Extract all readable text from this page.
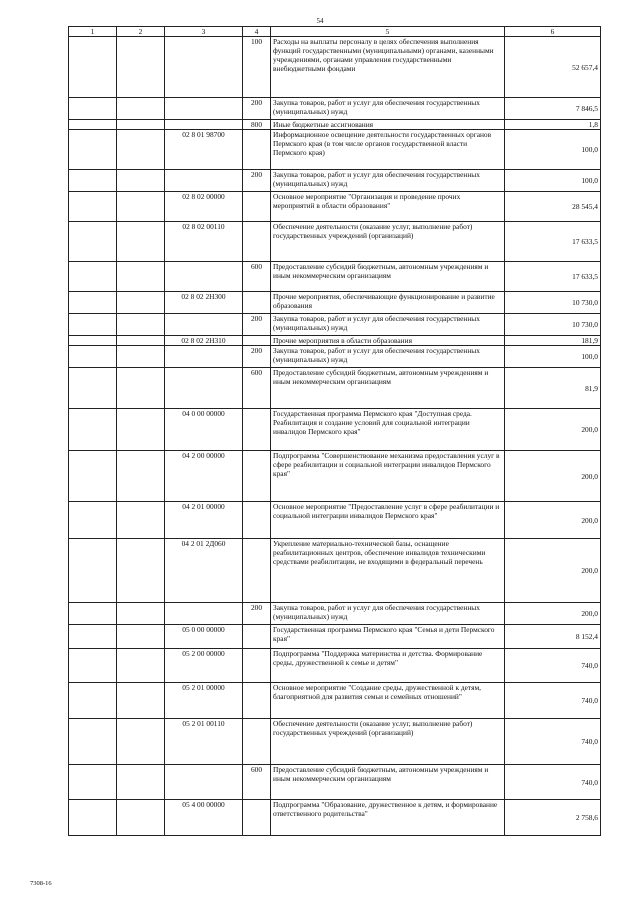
54
1	2	3	4	5	6
			100	Расходы на выплаты персоналу в целях обеспечения выполнения функций государственными (муниципальными) органами, казенными учреждениями, органами управления государственными внебюджетными фондами	52 657,4
			200	Закупка товаров, работ и услуг для обеспечения государственных (муниципальных) нужд	7 846,5
			800	Иные бюджетные ассигнования	1,8
		02 8 01 98700		Информационное освещение деятельности государственных органов Пермского края (в том числе органов государственной власти Пермского края)	100,0
			200	Закупка товаров, работ и услуг для обеспечения государственных (муниципальных) нужд	100,0
		02 8 02 00000		Основное мероприятие "Организация и проведение прочих мероприятий в области образования"	28 545,4
		02 8 02 00110		Обеспечение деятельности (оказание услуг, выполнение работ) государственных учреждений (организаций)	17 633,5
			600	Предоставление субсидий бюджетным, автономным учреждениям и иным некоммерческим организациям	17 633,5
		02 8 02 2Н300		Прочие мероприятия, обеспечивающие функционирование и развитие образования	10 730,0
			200	Закупка товаров, работ и услуг для обеспечения государственных (муниципальных) нужд	10 730,0
		02 8 02 2Н310		Прочие мероприятия в области образования	181,9
			200	Закупка товаров, работ и услуг для обеспечения государственных (муниципальных) нужд	100,0
			600	Предоставление субсидий бюджетным, автономным учреждениям и иным некоммерческим организациям	81,9
		04 0 00 00000		Государственная программа Пермского края "Доступная среда. Реабилитация и создание условий для социальной интеграции инвалидов Пермского края"	200,0
		04 2 00 00000		Подпрограмма "Совершенствование механизма предоставления услуг в сфере реабилитации и социальной интеграции инвалидов Пермского края"	200,0
		04 2 01 00000		Основное мероприятие "Предоставление услуг в сфере реабилитации и социальной интеграции инвалидов Пермского края"	200,0
		04 2 01 2Д060		Укрепление материально-технической базы, оснащение реабилитационных центров, обеспечение инвалидов техническими средствами реабилитации, не входящими в федеральный перечень	200,0
			200	Закупка товаров, работ и услуг для обеспечения государственных (муниципальных) нужд	200,0
		05 0 00 00000		Государственная программа Пермского края "Семья и дети Пермского края"	8 152,4
		05 2 00 00000		Подпрограмма "Поддержка материнства и детства. Формирование среды, дружественной к семье и детям"	740,0
		05 2 01 00000		Основное мероприятие "Создание среды, дружественной к детям, благоприятной для развития семьи и семейных отношений"	740,0
		05 2 01 00110		Обеспечение деятельности (оказание услуг, выполнение работ) государственных учреждений (организаций)	740,0
			600	Предоставление субсидий бюджетным, автономным учреждениям и иным некоммерческим организациям	740,0
		05 4 00 00000		Подпрограмма "Образование, дружественное к детям, и формирование ответственного родительства"	2 758,6
7308-16
